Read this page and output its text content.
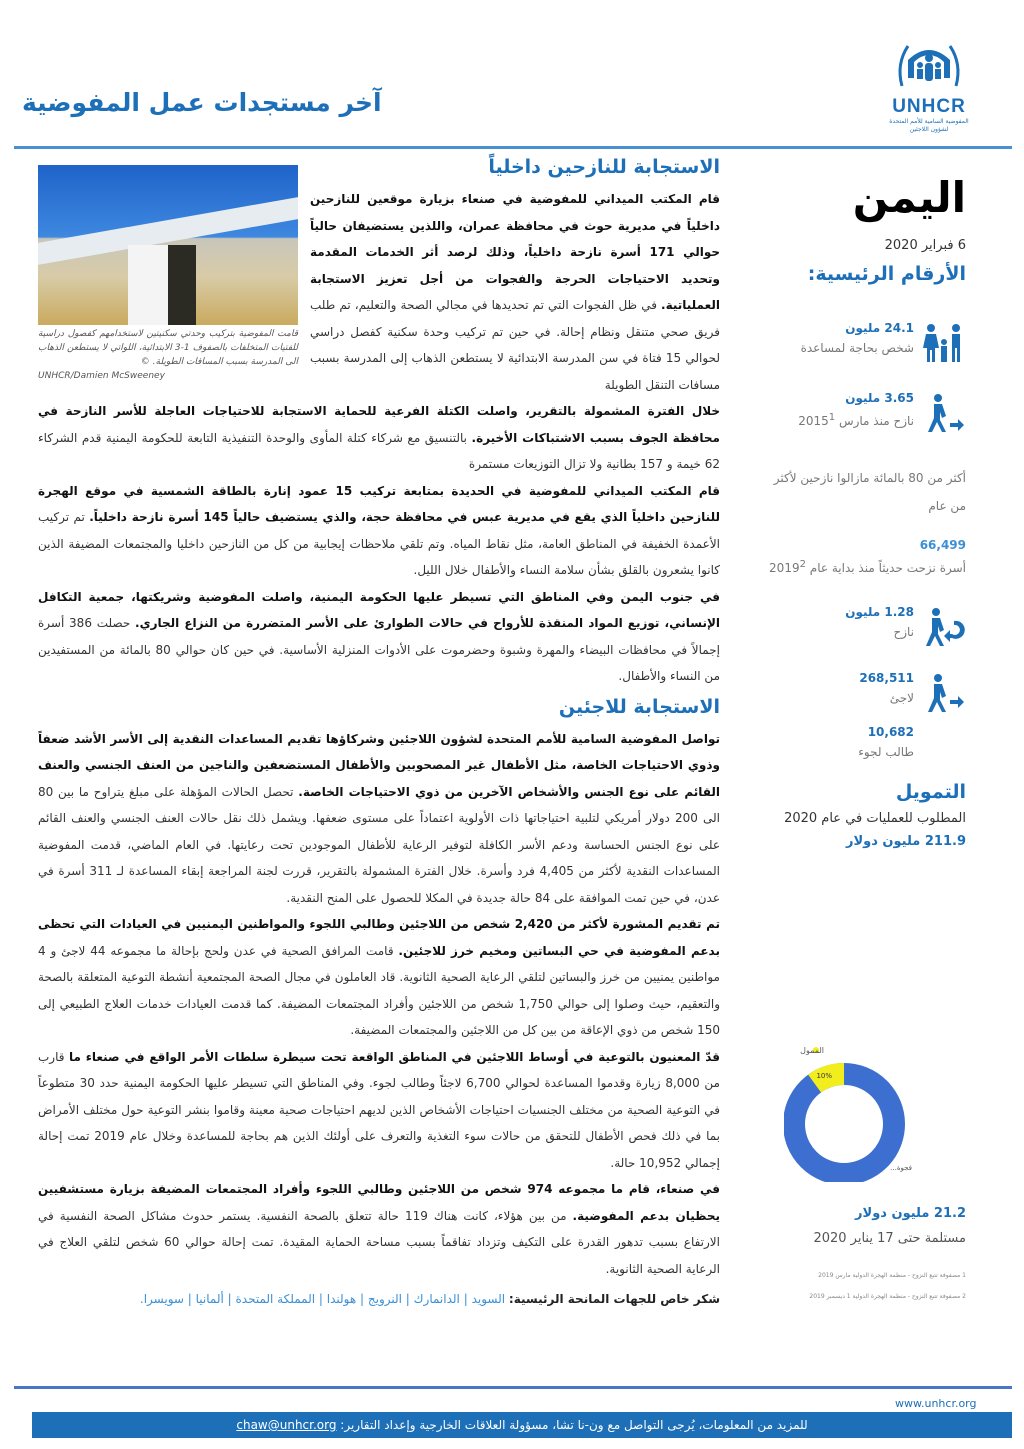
UNHCR
المفوضية السامية للأمم المتحدة
لشؤون اللاجئين
آخر مستجدات عمل المفوضية
قامت المفوضية بتركيب وحدتي سكنيتين لاستخدامهم كفصول دراسية للفتيات المتخلفات بالصفوف 1-3 الابتدائية، اللواتي لا يستطعن الذهاب الى المدرسة بسبب المسافات الطويلة. ©
UNHCR/Damien McSweeney
الاستجابة للنازحين داخلياً

قام المكتب الميداني للمفوضية في صنعاء بزيارة موقعين للنازحين داخلياً في مديرية حوث في محافظة عمران، واللذين يستضيفان حالياً حوالي 171 أسرة نازحة داخلياً، وذلك لرصد أثر الخدمات المقدمة وتحديد الاحتياجات الحرجة والفجوات من أجل تعزيز الاستجابة العملياتية. في ظل الفجوات التي تم تحديدها في مجالي الصحة والتعليم، تم طلب فريق صحي متنقل ونظام إحالة. في حين تم تركيب وحدة سكنية كفصل دراسي لحوالي 15 فتاة في سن المدرسة الابتدائية لا يستطعن الذهاب إلى المدرسة بسبب مسافات التنقل الطويلة

خلال الفترة المشمولة بالتقرير، واصلت الكتلة الفرعية للحماية الاستجابة للاحتياجات العاجلة للأسر النازحة في محافظة الجوف بسبب الاشتباكات الأخيرة. بالتنسيق مع شركاء كتلة المأوى والوحدة التنفيذية التابعة للحكومة اليمنية قدم الشركاء 62 خيمة و 157 بطانية ولا تزال التوزيعات مستمرة

قام المكتب الميداني للمفوضية في الحديدة بمتابعة تركيب 15 عمود إنارة بالطاقة الشمسية في موقع الهجرة للنازحين داخلياً الذي يقع في مديرية عبس في محافظة حجة، والذي يستضيف حالياً 145 أسرة نازحة داخلياً. تم تركيب الأعمدة الخفيفة في المناطق العامة، مثل نقاط المياه. وتم تلقي ملاحظات إيجابية من كل من النازحين داخليا والمجتمعات المضيفة الذين كانوا يشعرون بالقلق بشأن سلامة النساء والأطفال خلال الليل.

في جنوب اليمن وفي المناطق التي تسيطر عليها الحكومة اليمنية، واصلت المفوضية وشريكتها، جمعية التكافل الإنساني، توزيع المواد المنقذة للأرواح في حالات الطوارئ على الأسر المتضررة من النزاع الجاري. حصلت 386 أسرة إجمالاً في محافظات البيضاء والمهرة وشبوة وحضرموت على الأدوات المنزلية الأساسية. في حين كان حوالي 80 بالمائة من المستفيدين من النساء والأطفال.

الاستجابة للاجئين

تواصل المفوضية السامية للأمم المتحدة لشؤون اللاجئين وشركاؤها تقديم المساعدات النقدية إلى الأسر الأشد ضعفاً وذوي الاحتياجات الخاصة، مثل الأطفال غير المصحوبين والأطفال المستضعفين والناجين من العنف الجنسي والعنف القائم على نوع الجنس والأشخاص الآخرين من ذوي الاحتياجات الخاصة. تحصل الحالات المؤهلة على مبلغ يتراوح ما بين 80 الى 200 دولار أمريكي لتلبية احتياجاتها ذات الأولوية اعتماداً على مستوى ضعفها. ويشمل ذلك نقل حالات العنف الجنسي والعنف القائم على نوع الجنس الحساسة ودعم الأسر الكافلة لتوفير الرعاية للأطفال الموجودين تحت رعايتها. في العام الماضي، قدمت المفوضية المساعدات النقدية لأكثر من 4,405 فرد وأسرة. خلال الفترة المشمولة بالتقرير، قررت لجنة المراجعة إبقاء المساعدة لـ 311 أسرة في عدن، في حين تمت الموافقة على 84 حالة جديدة في المكلا للحصول على المنح النقدية.

تم تقديم المشورة لأكثر من 2,420 شخص من اللاجئين وطالبي اللجوء والمواطنين اليمنيين في العيادات التي تحظى بدعم المفوضية في حي البساتين ومخيم خرز للاجئين. قامت المرافق الصحية في عدن ولحج بإحالة ما مجموعه 44 لاجئ و 4 مواطنين يمنيين من خرز والبساتين لتلقي الرعاية الصحية الثانوية. قاد العاملون في مجال الصحة المجتمعية أنشطة التوعية المتعلقة بالصحة والتعقيم، حيث وصلوا إلى حوالي 1,750 شخص من اللاجئين وأفراد المجتمعات المضيفة. كما قدمت العيادات خدمات العلاج الطبيعي إلى 150 شخص من ذوي الإعاقة من بين كل من اللاجئين والمجتمعات المضيفة.

قدّ المعنيون بالتوعية في أوساط اللاجئين في المناطق الواقعة تحت سيطرة سلطات الأمر الواقع في صنعاء ما قارب من 8,000 زيارة وقدموا المساعدة لحوالي 6,700 لاجئاً وطالب لجوء. وفي المناطق التي تسيطر عليها الحكومة اليمنية حدد 30 متطوعاً في التوعية الصحية من مختلف الجنسيات احتياجات الأشخاص الذين لديهم احتياجات صحية معينة وقاموا بنشر التوعية حول مختلف الأمراض بما في ذلك فحص الأطفال للتحقق من حالات سوء التغذية والتعرف على أولئك الذين هم بحاجة للمساعدة وخلال عام 2019 تمت إحالة إجمالي 10,952 حالة.

في صنعاء، قام ما مجموعه 974 شخص من اللاجئين وطالبي اللجوء وأفراد المجتمعات المضيفة بزيارة مستشفيين يحظيان بدعم المفوضية. من بين هؤلاء، كانت هناك 119 حالة تتعلق بالصحة النفسية. يستمر حدوث مشاكل الصحة النفسية في الارتفاع بسبب تدهور القدرة على التكيف وتزداد تفاقماً بسبب مساحة الحماية المقيدة. تمت إحالة حوالي 60 شخص لتلقي العلاج في الرعاية الصحية الثانوية.

شكر خاص للجهات المانحة الرئيسية: السويد | الدانمارك | النرويج | هولندا | المملكة المتحدة | ألمانيا | سويسرا.
اليمن
6 فبراير 2020
الأرقام الرئيسية:
24.1 مليون
شخص بحاجة لمساعدة
3.65 مليون
نازح منذ مارس 2015$^1$
أكثر من 80 بالمائة مازالوا نازحين لأكثر من عام
66,499
أسرة نزحت حديثاً منذ بداية عام 2019$^2$
1.28 مليون
نازح
268,511
لاجئ
10,682
طالب لجوء
التمويل
المطلوب للعمليات في عام 2020
211.9 مليون دولار
الممول
10%
فجوة...
21.2 مليون دولار
مستلمة حتى 17 يناير 2020
1 مصفوفة تتبع النزوح - منظمة الهجرة الدولية مارس 2019
2 مصفوفة تتبع النزوح - منظمة الهجرة الدولية 1 ديسمبر 2019
www.unhcr.org
للمزيد من المعلومات، يُرجى التواصل مع ون-نا تشا، مسؤولة العلاقات الخارجية وإعداد التقارير: chaw@unhcr.org
